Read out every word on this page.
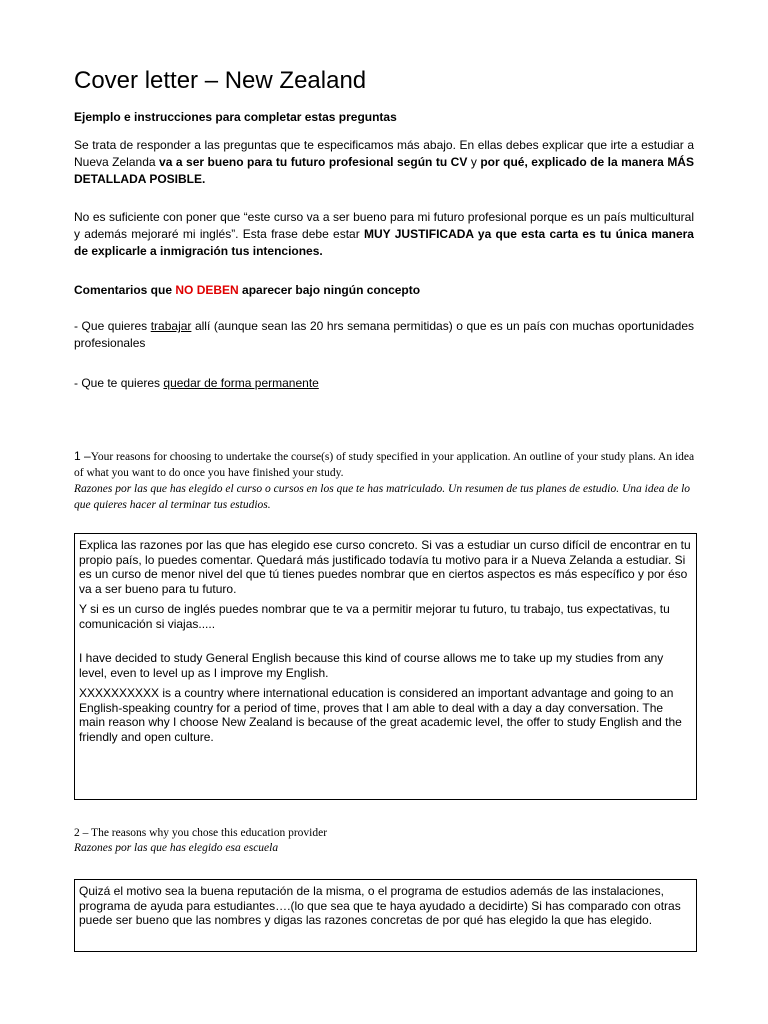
Cover letter – New Zealand
Ejemplo e instrucciones para completar estas preguntas
Se trata de responder a las preguntas que te especificamos más abajo. En ellas debes explicar que irte a estudiar a Nueva Zelanda va a ser bueno para tu futuro profesional según tu CV y por qué, explicado de la manera MÁS DETALLADA POSIBLE.
No es suficiente con poner que “este curso va a ser bueno para mi futuro profesional porque es un país multicultural y además mejoraré mi inglés”. Esta frase debe estar MUY JUSTIFICADA ya que esta carta es tu única manera de explicarle a inmigración tus intenciones.
Comentarios que NO DEBEN aparecer bajo ningún concepto
- Que quieres trabajar allí (aunque sean las 20 hrs semana permitidas) o que es un país con muchas oportunidades profesionales
- Que te quieres quedar de forma permanente
1 –Your reasons for choosing to undertake the course(s) of study specified in your application. An outline of your study plans. An idea of what you want to do once you have finished your study.
Razones por las que has elegido el curso o cursos en los que te has matriculado. Un resumen de tus planes de estudio. Una idea de lo que quieres hacer al terminar tus estudios.

Explica las razones por las que has elegido ese curso concreto. Si vas a estudiar un curso difícil de encontrar en tu propio país, lo puedes comentar. Quedará más justificado todavía tu motivo para ir a Nueva Zelanda a estudiar. Si es un curso de menor nivel del que tú tienes puedes nombrar que en ciertos aspectos es más específico y por éso va a ser bueno para tu futuro.

Y si es un curso de inglés puedes nombrar que te va a permitir mejorar tu futuro, tu trabajo, tus expectativas, tu comunicación si viajas.....

I have decided to study General English because this kind of course allows me to take up my studies from any level, even to level up as I improve my English.

XXXXXXXXXX is a country where international education is considered an important advantage and going to an English-speaking country for a period of time, proves that I am able to deal with a day a day conversation. The main reason why I choose New Zealand is because of the great academic level, the offer to study English and the friendly and open culture.

2 – The reasons why you chose this education provider
Razones por las que has elegido esa escuela

Quizá el motivo sea la buena reputación de la misma, o el programa de estudios además de las instalaciones, programa de ayuda para estudiantes….(lo que sea que te haya ayudado a decidirte) Si has comparado con otras puede ser bueno que las nombres y digas las razones concretas de por qué has elegido la que has elegido.
